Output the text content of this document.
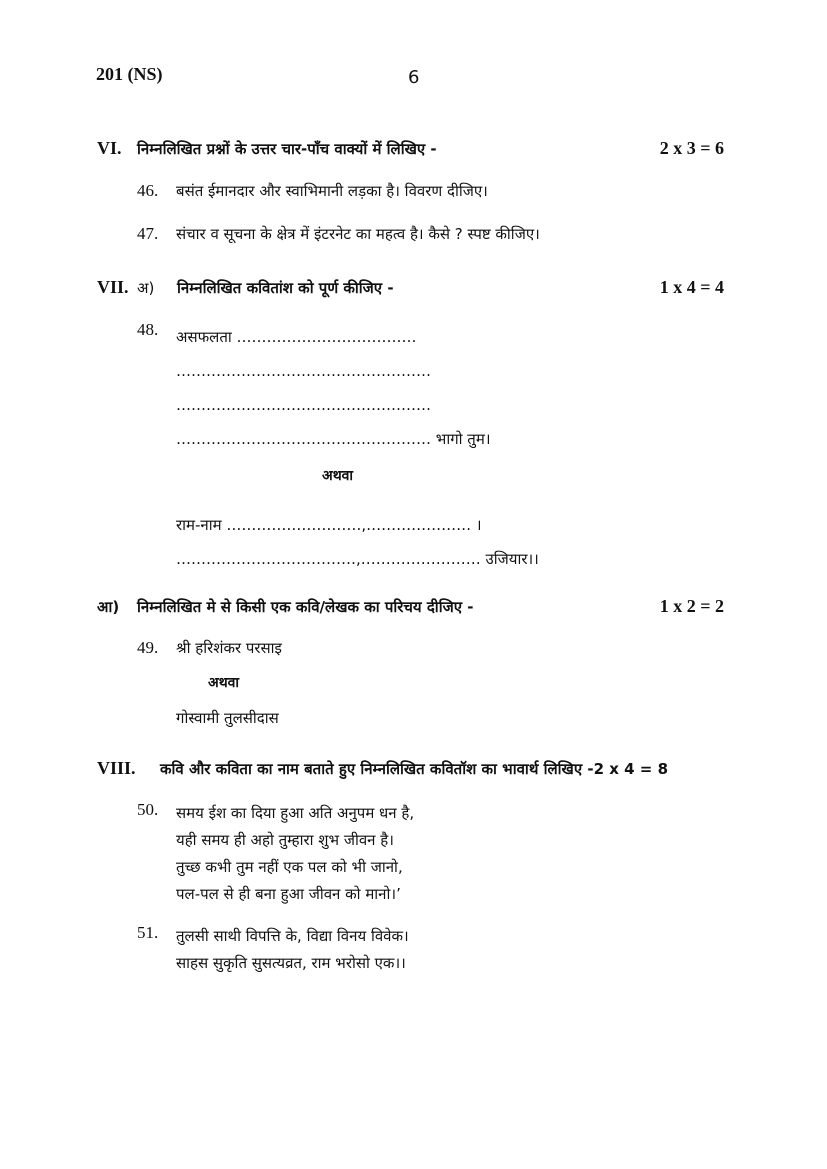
201 (NS)	6
VI. निम्नलिखित प्रश्नों के उत्तर चार-पाँच वाक्यों में लिखिए -	2 x 3 = 6
46. बसंत ईमानदार और स्वाभिमानी लड़का है। विवरण दीजिए।
47. संचार व सूचना के क्षेत्र में इंटरनेट का महत्व है। कैसे ? स्पष्ट कीजिए।
VII. अ) निम्नलिखित कवितांश को पूर्ण कीजिए -	1 x 4 = 4
48. असफलता ………………………………
……………………………………………
……………………………………………
…………………………………………… भागो तुम।
अथवा
राम-नाम ………………………,………………… ।
………………………………,…………………… उजियार।।
आ) निम्नलिखित मे से किसी एक कवि/लेखक का परिचय दीजिए -	1 x 2 = 2
49. श्री हरिशंकर परसाइ
अथवा
गोस्वामी तुलसीदास
VIII. कवि और कविता का नाम बताते हुए निम्नलिखित कवितॉश का भावार्थ लिखिए -2 x 4 = 8
50. समय ईश का दिया हुआ अति अनुपम धन है,
यही समय ही अहो तुम्हारा शुभ जीवन है।
तुच्छ कभी तुम नहीं एक पल को भी जानो,
पल-पल से ही बना हुआ जीवन को मानो।’
51. तुलसी साथी विपत्ति के, विद्या विनय विवेक।
साहस सुकृति सुसत्यव्रत, राम भरोसो एक।।
